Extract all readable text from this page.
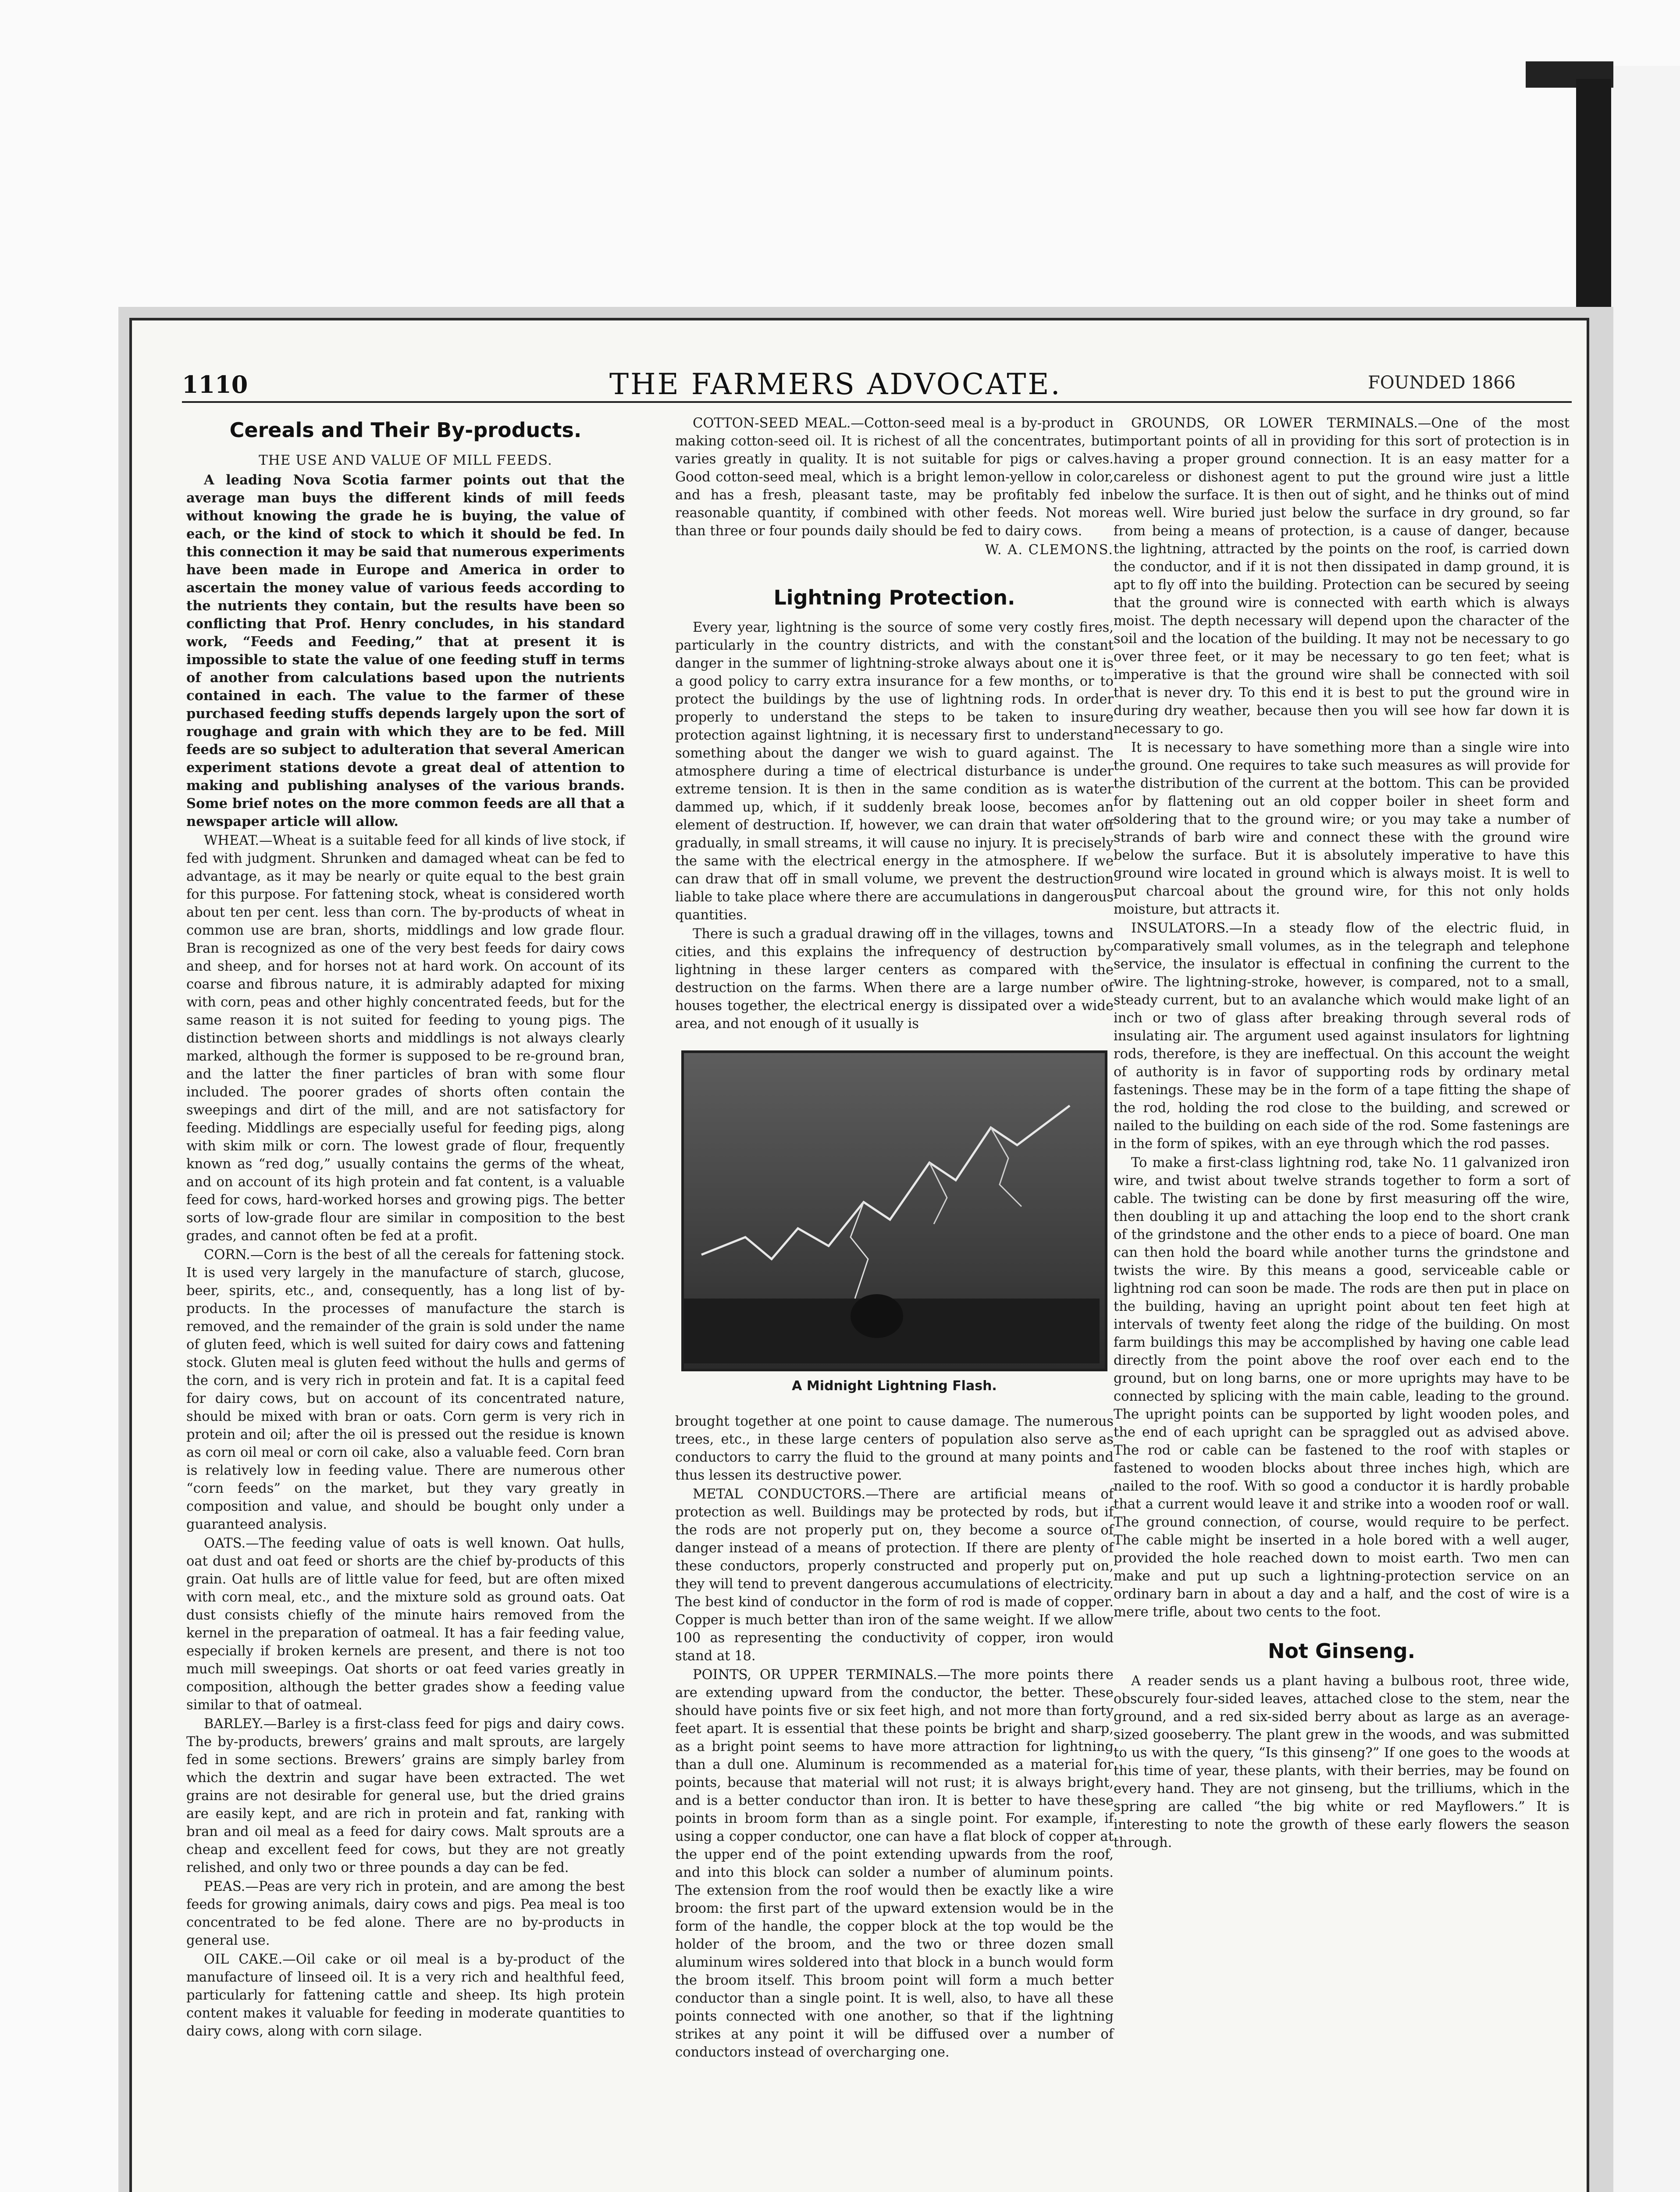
1110	THE FARMERS ADVOCATE.	FOUNDED 1866
Cereals and Their By-products.
THE USE AND VALUE OF MILL FEEDS.

A leading Nova Scotia farmer points out that the average man buys the different kinds of mill feeds without knowing the grade he is buying, the value of each, or the kind of stock to which it should be fed. In this connection it may be said that numerous experiments have been made in Europe and America in order to ascertain the money value of various feeds according to the nutrients they contain, but the results have been so conflicting that Prof. Henry concludes, in his standard work, “Feeds and Feeding,” that at present it is impossible to state the value of one feeding stuff in terms of another from calculations based upon the nutrients contained in each. The value to the farmer of these purchased feeding stuffs depends largely upon the sort of roughage and grain with which they are to be fed. Mill feeds are so subject to adulteration that several American experiment stations devote a great deal of attention to making and publishing analyses of the various brands. Some brief notes on the more common feeds are all that a newspaper article will allow.

WHEAT.—Wheat is a suitable feed for all kinds of live stock, if fed with judgment. Shrunken and damaged wheat can be fed to advantage, as it may be nearly or quite equal to the best grain for this purpose. For fattening stock, wheat is considered worth about ten per cent. less than corn. The by-products of wheat in common use are bran, shorts, middlings and low grade flour. Bran is recognized as one of the very best feeds for dairy cows and sheep, and for horses not at hard work. On account of its coarse and fibrous nature, it is admirably adapted for mixing with corn, peas and other highly concentrated feeds, but for the same reason it is not suited for feeding to young pigs. The distinction between shorts and middlings is not always clearly marked, although the former is supposed to be re-ground bran, and the latter the finer particles of bran with some flour included. The poorer grades of shorts often contain the sweepings and dirt of the mill, and are not satisfactory for feeding. Middlings are especially useful for feeding pigs, along with skim milk or corn. The lowest grade of flour, frequently known as “red dog,” usually contains the germs of the wheat, and on account of its high protein and fat content, is a valuable feed for cows, hard-worked horses and growing pigs. The better sorts of low-grade flour are similar in composition to the best grades, and cannot often be fed at a profit.

CORN.—Corn is the best of all the cereals for fattening stock. It is used very largely in the manufacture of starch, glucose, beer, spirits, etc., and, consequently, has a long list of by-products. In the processes of manufacture the starch is removed, and the remainder of the grain is sold under the name of gluten feed, which is well suited for dairy cows and fattening stock. Gluten meal is gluten feed without the hulls and germs of the corn, and is very rich in protein and fat. It is a capital feed for dairy cows, but on account of its concentrated nature, should be mixed with bran or oats. Corn germ is very rich in protein and oil; after the oil is pressed out the residue is known as corn oil meal or corn oil cake, also a valuable feed. Corn bran is relatively low in feeding value. There are numerous other “corn feeds” on the market, but they vary greatly in composition and value, and should be bought only under a guaranteed analysis.

OATS.—The feeding value of oats is well known. Oat hulls, oat dust and oat feed or shorts are the chief by-products of this grain. Oat hulls are of little value for feed, but are often mixed with corn meal, etc., and the mixture sold as ground oats. Oat dust consists chiefly of the minute hairs removed from the kernel in the preparation of oatmeal. It has a fair feeding value, especially if broken kernels are present, and there is not too much mill sweepings. Oat shorts or oat feed varies greatly in composition, although the better grades show a feeding value similar to that of oatmeal.

BARLEY.—Barley is a first-class feed for pigs and dairy cows. The by-products, brewers’ grains and malt sprouts, are largely fed in some sections. Brewers’ grains are simply barley from which the dextrin and sugar have been extracted. The wet grains are not desirable for general use, but the dried grains are easily kept, and are rich in protein and fat, ranking with bran and oil meal as a feed for dairy cows. Malt sprouts are a cheap and excellent feed for cows, but they are not greatly relished, and only two or three pounds a day can be fed.

PEAS.—Peas are very rich in protein, and are among the best feeds for growing animals, dairy cows and pigs. Pea meal is too concentrated to be fed alone. There are no by-products in general use.

OIL CAKE.—Oil cake or oil meal is a by-product of the manufacture of linseed oil. It is a very rich and healthful feed, particularly for fattening cattle and sheep. Its high protein content makes it valuable for feeding in moderate quantities to dairy cows, along with corn silage.

COTTON-SEED MEAL.—Cotton-seed meal is a by-product in making cotton-seed oil. It is richest of all the concentrates, but varies greatly in quality. It is not suitable for pigs or calves. Good cotton-seed meal, which is a bright lemon-yellow in color, and has a fresh, pleasant taste, may be profitably fed in reasonable quantity, if combined with other feeds. Not more than three or four pounds daily should be fed to dairy cows.

W. A. CLEMONS.

Lightning Protection.

Every year, lightning is the source of some very costly fires, particularly in the country districts, and with the constant danger in the summer of lightning-stroke always about one it is a good policy to carry extra insurance for a few months, or to protect the buildings by the use of lightning rods. In order properly to understand the steps to be taken to insure protection against lightning, it is necessary first to understand something about the danger we wish to guard against. The atmosphere during a time of electrical disturbance is under extreme tension. It is then in the same condition as is water dammed up, which, if it suddenly break loose, becomes an element of destruction. If, however, we can drain that water off gradually, in small streams, it will cause no injury. It is precisely the same with the electrical energy in the atmosphere. If we can draw that off in small volume, we prevent the destruction liable to take place where there are accumulations in dangerous quantities.

There is such a gradual drawing off in the villages, towns and cities, and this explains the infrequency of destruction by lightning in these larger centers as compared with the destruction on the farms. When there are a large number of houses together, the electrical energy is dissipated over a wide area, and not enough of it usually is

A Midnight Lightning Flash.

brought together at one point to cause damage. The numerous trees, etc., in these large centers of population also serve as conductors to carry the fluid to the ground at many points and thus lessen its destructive power.

METAL CONDUCTORS.—There are artificial means of protection as well. Buildings may be protected by rods, but if the rods are not properly put on, they become a source of danger instead of a means of protection. If there are plenty of these conductors, properly constructed and properly put on, they will tend to prevent dangerous accumulations of electricity. The best kind of conductor in the form of rod is made of copper. Copper is much better than iron of the same weight. If we allow 100 as representing the conductivity of copper, iron would stand at 18.

POINTS, OR UPPER TERMINALS.—The more points there are extending upward from the conductor, the better. These should have points five or six feet high, and not more than forty feet apart. It is essential that these points be bright and sharp, as a bright point seems to have more attraction for lightning than a dull one. Aluminum is recommended as a material for points, because that material will not rust; it is always bright, and is a better conductor than iron. It is better to have these points in broom form than as a single point. For example, if using a copper conductor, one can have a flat block of copper at the upper end of the point extending upwards from the roof, and into this block can solder a number of aluminum points. The extension from the roof would then be exactly like a wire broom: the first part of the upward extension would be in the form of the handle, the copper block at the top would be the holder of the broom, and the two or three dozen small aluminum wires soldered into that block in a bunch would form the broom itself. This broom point will form a much better conductor than a single point. It is well, also, to have all these points connected with one another, so that if the lightning strikes at any point it will be diffused over a number of conductors instead of overcharging one.

GROUNDS, OR LOWER TERMINALS.—One of the most important points of all in providing for this sort of protection is in having a proper ground connection. It is an easy matter for a careless or dishonest agent to put the ground wire just a little below the surface. It is then out of sight, and he thinks out of mind as well. Wire buried just below the surface in dry ground, so far from being a means of protection, is a cause of danger, because the lightning, attracted by the points on the roof, is carried down the conductor, and if it is not then dissipated in damp ground, it is apt to fly off into the building. Protection can be secured by seeing that the ground wire is connected with earth which is always moist. The depth necessary will depend upon the character of the soil and the location of the building. It may not be necessary to go over three feet, or it may be necessary to go ten feet; what is imperative is that the ground wire shall be connected with soil that is never dry. To this end it is best to put the ground wire in during dry weather, because then you will see how far down it is necessary to go.

It is necessary to have something more than a single wire into the ground. One requires to take such measures as will provide for the distribution of the current at the bottom. This can be provided for by flattening out an old copper boiler in sheet form and soldering that to the ground wire; or you may take a number of strands of barb wire and connect these with the ground wire below the surface. But it is absolutely imperative to have this ground wire located in ground which is always moist. It is well to put charcoal about the ground wire, for this not only holds moisture, but attracts it.

INSULATORS.—In a steady flow of the electric fluid, in comparatively small volumes, as in the telegraph and telephone service, the insulator is effectual in confining the current to the wire. The lightning-stroke, however, is compared, not to a small, steady current, but to an avalanche which would make light of an inch or two of glass after breaking through several rods of insulating air. The argument used against insulators for lightning rods, therefore, is they are ineffectual. On this account the weight of authority is in favor of supporting rods by ordinary metal fastenings. These may be in the form of a tape fitting the shape of the rod, holding the rod close to the building, and screwed or nailed to the building on each side of the rod. Some fastenings are in the form of spikes, with an eye through which the rod passes.

To make a first-class lightning rod, take No. 11 galvanized iron wire, and twist about twelve strands together to form a sort of cable. The twisting can be done by first measuring off the wire, then doubling it up and attaching the loop end to the short crank of the grindstone and the other ends to a piece of board. One man can then hold the board while another turns the grindstone and twists the wire. By this means a good, serviceable cable or lightning rod can soon be made. The rods are then put in place on the building, having an upright point about ten feet high at intervals of twenty feet along the ridge of the building. On most farm buildings this may be accomplished by having one cable lead directly from the point above the roof over each end to the ground, but on long barns, one or more uprights may have to be connected by splicing with the main cable, leading to the ground. The upright points can be supported by light wooden poles, and the end of each upright can be spraggled out as advised above. The rod or cable can be fastened to the roof with staples or fastened to wooden blocks about three inches high, which are nailed to the roof. With so good a conductor it is hardly probable that a current would leave it and strike into a wooden roof or wall. The ground connection, of course, would require to be perfect. The cable might be inserted in a hole bored with a well auger, provided the hole reached down to moist earth. Two men can make and put up such a lightning-protection service on an ordinary barn in about a day and a half, and the cost of wire is a mere trifle, about two cents to the foot.

Not Ginseng.

A reader sends us a plant having a bulbous root, three wide, obscurely four-sided leaves, attached close to the stem, near the ground, and a red six-sided berry about as large as an average-sized gooseberry. The plant grew in the woods, and was submitted to us with the query, “Is this ginseng?” If one goes to the woods at this time of year, these plants, with their berries, may be found on every hand. They are not ginseng, but the trilliums, which in the spring are called “the big white or red Mayflowers.” It is interesting to note the growth of these early flowers the season through.
